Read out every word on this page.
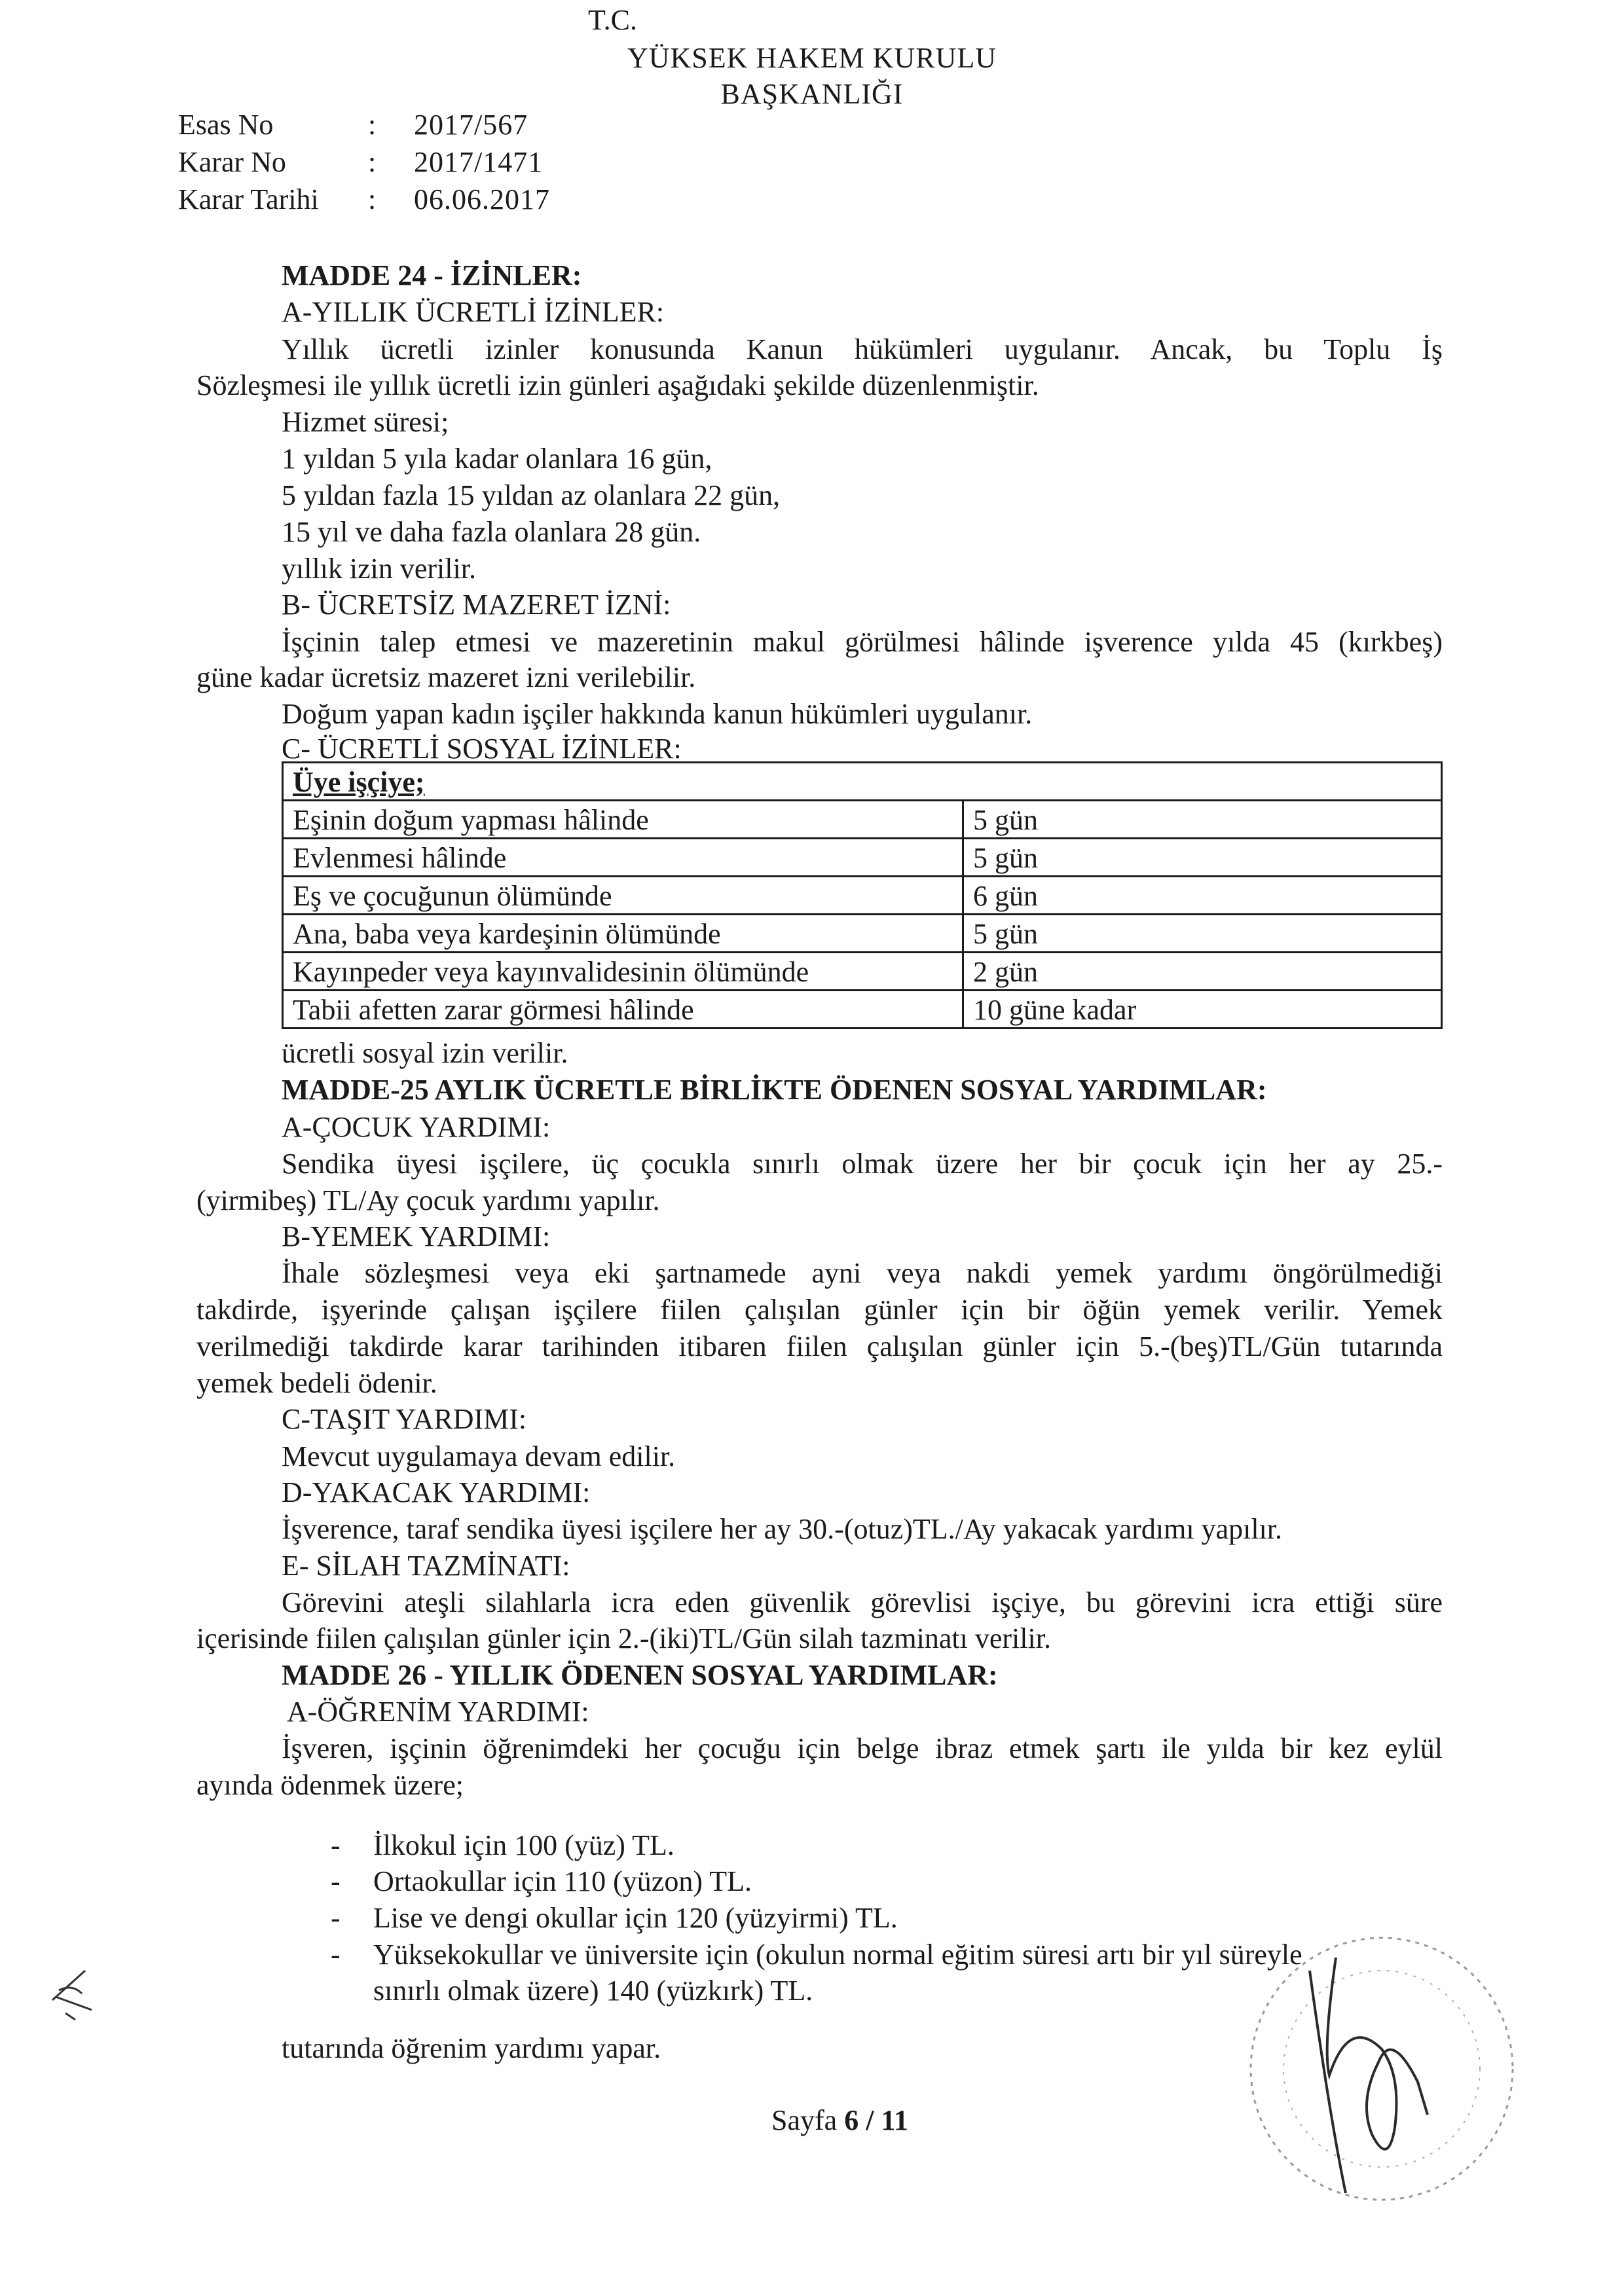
T.C.
YÜKSEK HAKEM KURULU
BAŞKANLIĞI
Esas No	:	2017/567
Karar No	:	2017/1471
Karar Tarihi	:	06.06.2017
MADDE 24 - İZİNLER:
A-YILLIK ÜCRETLİ İZİNLER:
Yıllık ücretli izinler konusunda Kanun hükümleri uygulanır. Ancak, bu Toplu İş
Sözleşmesi ile yıllık ücretli izin günleri aşağıdaki şekilde düzenlenmiştir.
Hizmet süresi;
1 yıldan 5 yıla kadar olanlara 16 gün,
5 yıldan fazla 15 yıldan az olanlara 22 gün,
15 yıl ve daha fazla olanlara 28 gün.
yıllık izin verilir.
B- ÜCRETSİZ MAZERET İZNİ:
İşçinin talep etmesi ve mazeretinin makul görülmesi hâlinde işverence yılda 45 (kırkbeş)
güne kadar ücretsiz mazeret izni verilebilir.
Doğum yapan kadın işçiler hakkında kanun hükümleri uygulanır.
C- ÜCRETLİ SOSYAL İZİNLER:
Üye işçiye;	
Eşinin doğum yapması hâlinde	5 gün
Evlenmesi hâlinde	5 gün
Eş ve çocuğunun ölümünde	6 gün
Ana, baba veya kardeşinin ölümünde	5 gün
Kayınpeder veya kayınvalidesinin ölümünde	2 gün
Tabii afetten zarar görmesi hâlinde	10 güne kadar
ücretli sosyal izin verilir.
MADDE-25 AYLIK ÜCRETLE BİRLİKTE ÖDENEN SOSYAL YARDIMLAR:
A-ÇOCUK YARDIMI:
Sendika üyesi işçilere, üç çocukla sınırlı olmak üzere her bir çocuk için her ay 25.-
(yirmibeş) TL/Ay çocuk yardımı yapılır.
B-YEMEK YARDIMI:
İhale sözleşmesi veya eki şartnamede ayni veya nakdi yemek yardımı öngörülmediği
takdirde, işyerinde çalışan işçilere fiilen çalışılan günler için bir öğün yemek verilir. Yemek
verilmediği takdirde karar tarihinden itibaren fiilen çalışılan günler için 5.-(beş)TL/Gün tutarında
yemek bedeli ödenir.
C-TAŞIT YARDIMI:
Mevcut uygulamaya devam edilir.
D-YAKACAK YARDIMI:
İşverence, taraf sendika üyesi işçilere her ay 30.-(otuz)TL./Ay yakacak yardımı yapılır.
E- SİLAH TAZMİNATI:
Görevini ateşli silahlarla icra eden güvenlik görevlisi işçiye, bu görevini icra ettiği süre
içerisinde fiilen çalışılan günler için 2.-(iki)TL/Gün silah tazminatı verilir.
MADDE 26 - YILLIK ÖDENEN SOSYAL YARDIMLAR:
A-ÖĞRENİM YARDIMI:
İşveren, işçinin öğrenimdeki her çocuğu için belge ibraz etmek şartı ile yılda bir kez eylül
ayında ödenmek üzere;
-	İlkokul için 100 (yüz) TL.
-	Ortaokullar için 110 (yüzon) TL.
-	Lise ve dengi okullar için 120 (yüzyirmi) TL.
-	Yüksekokullar ve üniversite için (okulun normal eğitim süresi artı bir yıl süreyle
sınırlı olmak üzere) 140 (yüzkırk) TL.
tutarında öğrenim yardımı yapar.
Sayfa 6 / 11
